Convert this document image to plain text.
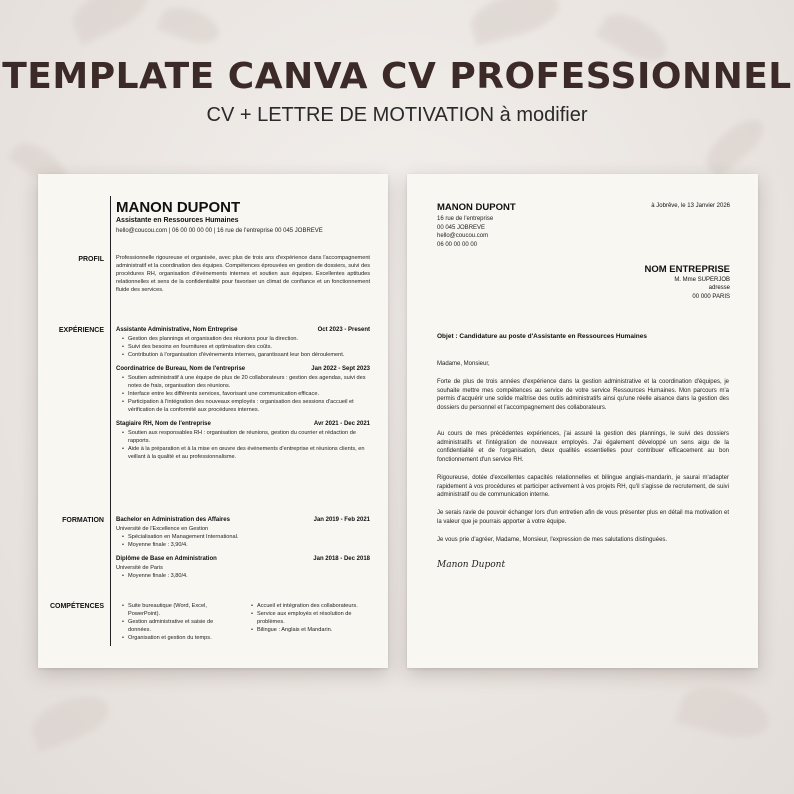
TEMPLATE CANVA CV PROFESSIONNEL
CV + LETTRE DE MOTIVATION à modifier
MANON DUPONT
Assistante en Ressources Humaines
hello@coucou.com | 06 00 00 00 00 | 16 rue de l'entreprise 00 045 JOBREVE
PROFIL Professionnelle rigoureuse et organisée, avec plus de trois ans d'expérience dans l'accompagnement administratif et la coordination des équipes. Compétences éprouvées en gestion de dossiers, suivi des procédures RH, organisation d'événements internes et soutien aux équipes. Excellentes aptitudes relationnelles et sens de la confidentialité pour favoriser un climat de confiance et un fonctionnement fluide des services.
EXPÉRIENCE Assistante Administrative, Nom Entreprise	Oct 2023 - Present
• Gestion des plannings et organisation des réunions pour la direction.
• Suivi des besoins en fournitures et optimisation des coûts.
• Contribution à l'organisation d'événements internes, garantissant leur bon déroulement.
Coordinatrice de Bureau, Nom de l'entreprise	Jan 2022 - Sept 2023
• Soutien administratif à une équipe de plus de 20 collaborateurs : gestion des agendas, suivi des notes de frais, organisation des réunions.
• Interface entre les différents services, favorisant une communication efficace.
• Participation à l'intégration des nouveaux employés : organisation des sessions d'accueil et vérification de la conformité aux procédures internes.
Stagiaire RH, Nom de l'entreprise	Avr 2021 - Dec 2021
• Soutien aux responsables RH : organisation de réunions, gestion du courrier et rédaction de rapports.
• Aide à la préparation et à la mise en œuvre des événements d'entreprise et réunions clients, en veillant à la qualité et au professionnalisme.
FORMATION Bachelor en Administration des Affaires	Jan 2019 - Feb 2021
Université de l'Excellence en Gestion
• Spécialisation en Management International.
• Moyenne finale : 3,90/4.
Diplôme de Base en Administration	Jan 2018 - Dec 2018
Université de Paris
• Moyenne finale : 3,80/4.
COMPÉTENCES
•	Suite bureautique (Word, Excel, PowerPoint).
• Gestion administrative et saisie de données.
• Organisation et gestion du temps.
• Accueil et intégration des collaborateurs.
• Service aux employés et résolution de problèmes.
• Bilingue : Anglais et Mandarin.
MANON DUPONT
16 rue de l'entreprise
00 045 JOBREVE
hello@coucou.com
06 00 00 00 00
à Jobrêve, le 13 Janvier 2026
NOM ENTREPRISE
M. Mme SUPERJOB
adresse
00 000 PARIS
Objet : Candidature au poste d'Assistante en Ressources Humaines
Madame, Monsieur,
Forte de plus de trois années d'expérience dans la gestion administrative et la coordination d'équipes, je souhaite mettre mes compétences au service de votre service Ressources Humaines. Mon parcours m'a permis d'acquérir une solide maîtrise des outils administratifs ainsi qu'une réelle aisance dans la gestion des dossiers du personnel et l'accompagnement des collaborateurs.
Au cours de mes précédentes expériences, j'ai assuré la gestion des plannings, le suivi des dossiers administratifs et l'intégration de nouveaux employés. J'ai également développé un sens aigu de la confidentialité et de l'organisation, deux qualités essentielles pour contribuer efficacement au bon fonctionnement d'un service RH.
Rigoureuse, dotée d'excellentes capacités relationnelles et bilingue anglais-mandarin, je saurai m'adapter rapidement à vos procédures et participer activement à vos projets RH, qu'il s'agisse de recrutement, de suivi administratif ou de communication interne.
Je serais ravie de pouvoir échanger lors d'un entretien afin de vous présenter plus en détail ma motivation et la valeur que je pourrais apporter à votre équipe.
Je vous prie d'agréer, Madame, Monsieur, l'expression de mes salutations distinguées.
Manon Dupont
